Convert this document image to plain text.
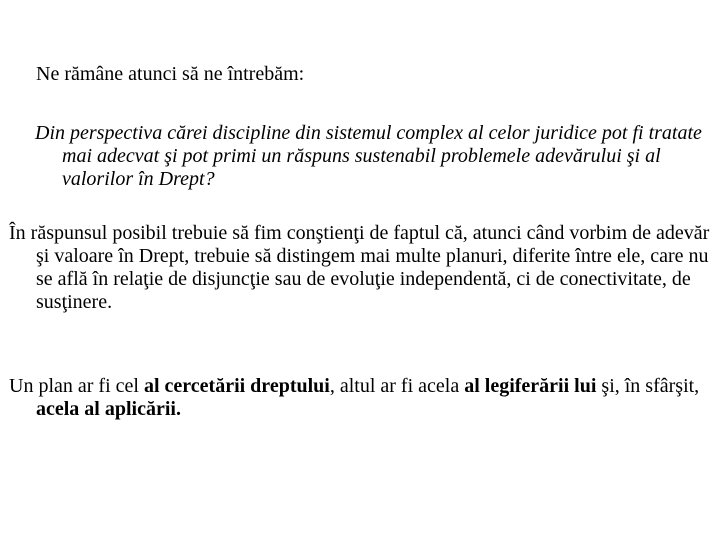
Ne rămâne atunci să ne întrebăm:

Din perspectiva cărei discipline din sistemul complex al celor juridice pot fi tratate mai adecvat şi pot primi un răspuns sustenabil problemele adevărului şi al valorilor în Drept?

În răspunsul posibil trebuie să fim conştienţi de faptul că, atunci când vorbim de adevăr şi valoare în Drept, trebuie să distingem mai multe planuri, diferite între ele, care nu se află în relaţie de disjuncţie sau de evoluţie independentă, ci de conectivitate, de susţinere.

Un plan ar fi cel al cercetării dreptului, altul ar fi acela al legiferării lui şi, în sfârşit, acela al aplicării.
